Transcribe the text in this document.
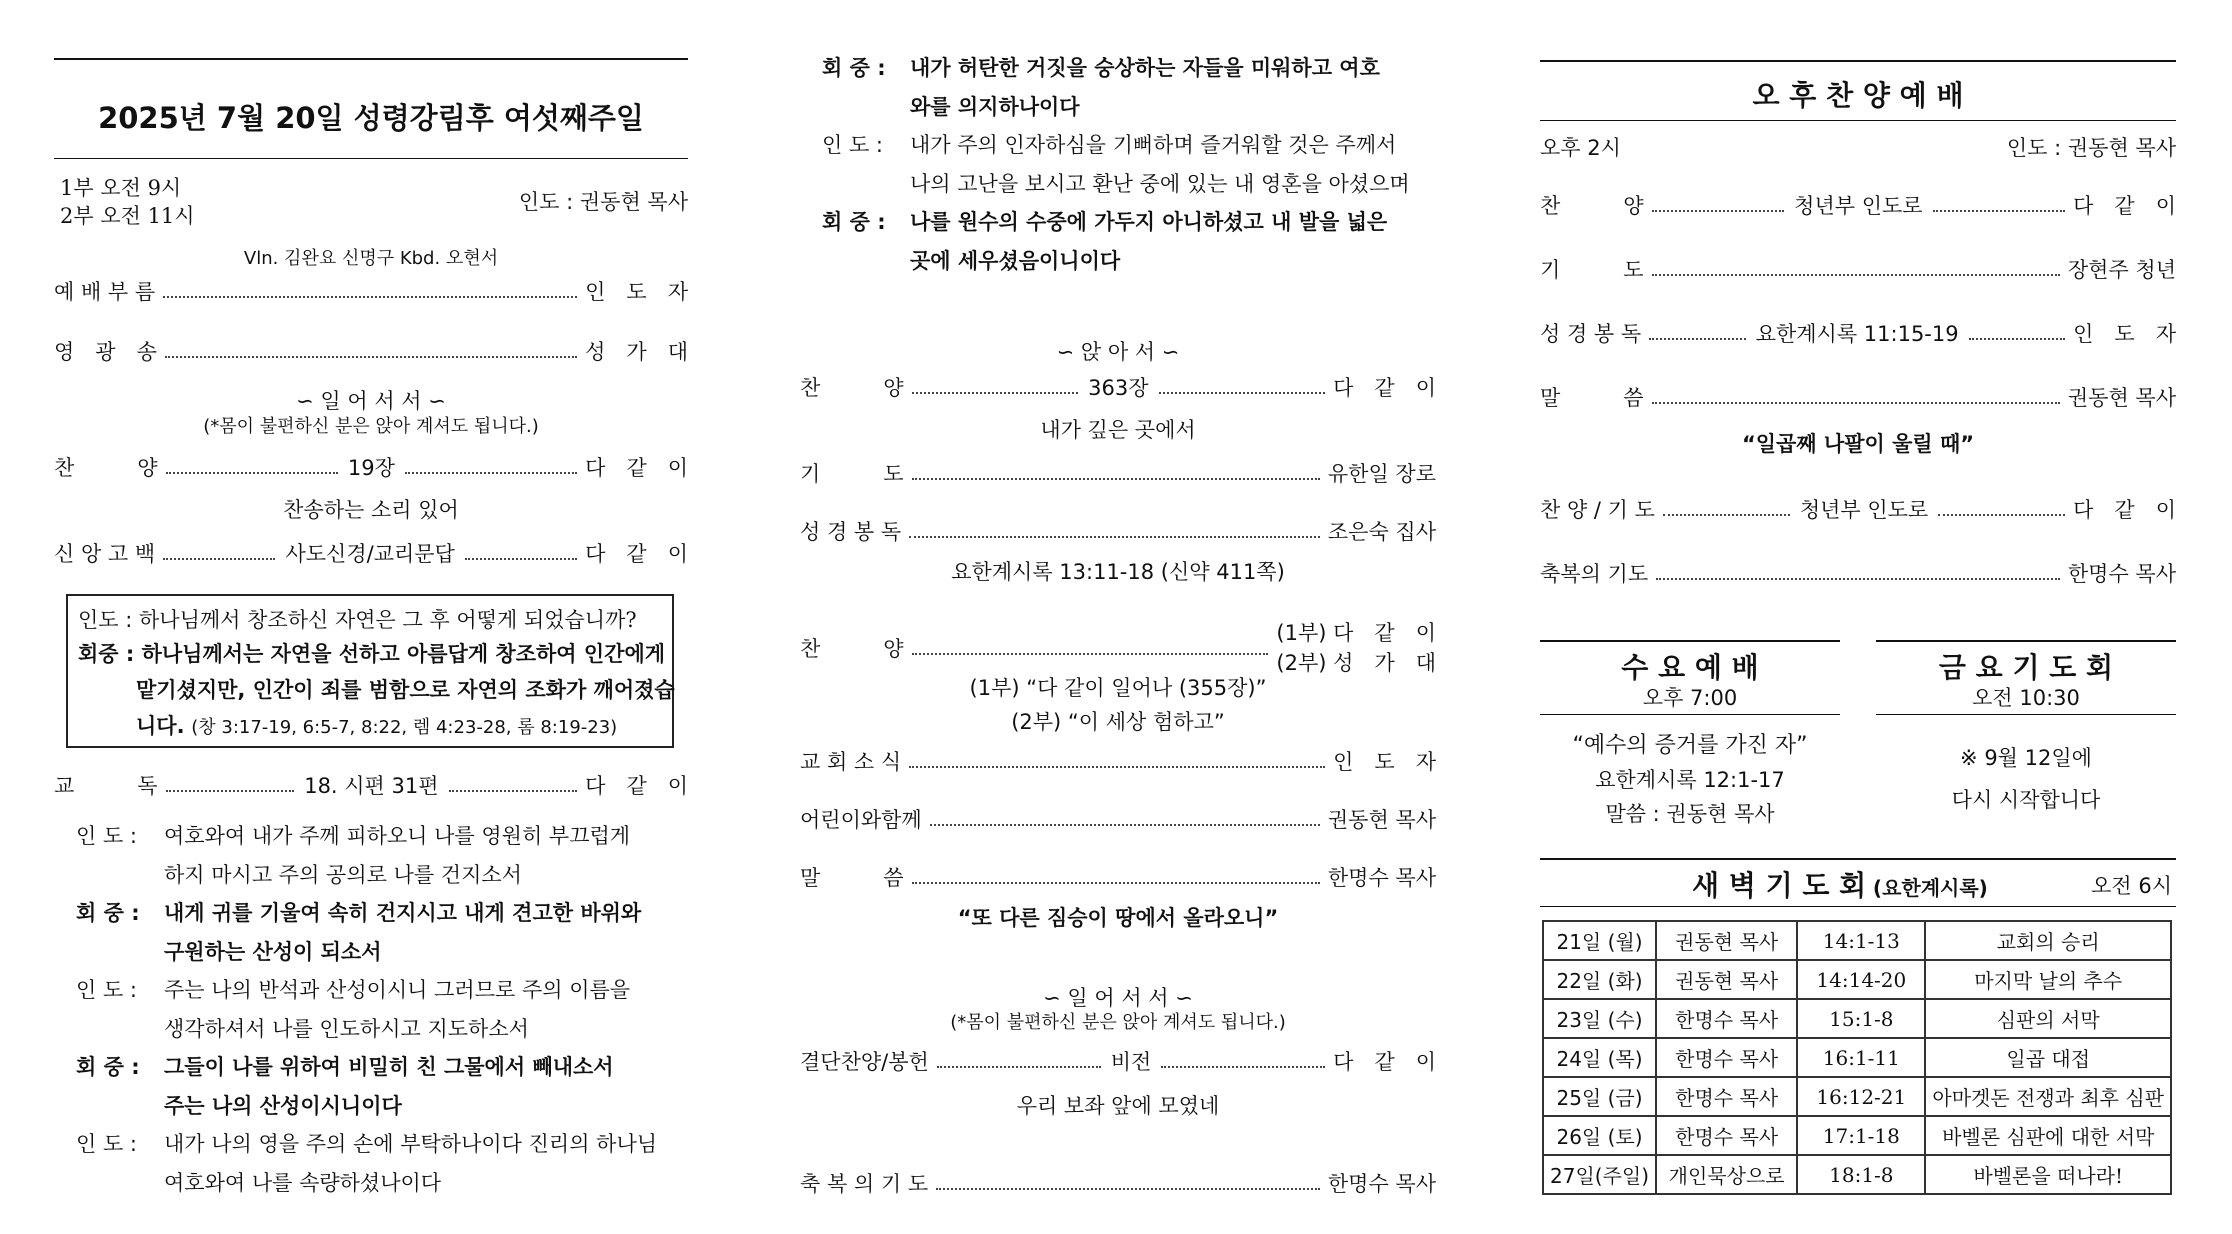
2025년 7월 20일 성령강림후 여섯째주일
1부 오전 9시
2부 오전 11시
인도 : 권동현 목사
Vln. 김완요 신명구 Kbd. 오현서
예 배 부 름	인　도　자
영　광　송	성　가　대
∽ 일 어 서 서 ∽
(*몸이 불편하신 분은 앉아 계셔도 됩니다.)
찬　　　양	19장	다　같　이
찬송하는 소리 있어
신 앙 고 백	사도신경/교리문답	다　같　이
인도 : 하나님께서 창조하신 자연은 그 후 어떻게 되었습니까?
회중 : 하나님께서는 자연을 선하고 아름답게 창조하여 인간에게
맡기셨지만, 인간이 죄를 범함으로 자연의 조화가 깨어졌습
니다. (창 3:17-19, 6:5-7, 8:22, 렘 4:23-28, 롬 8:19-23)
교　　　독	18. 시편 31편	다　같　이
인 도 : 여호와여 내가 주께 피하오니 나를 영원히 부끄럽게
하지 마시고 주의 공의로 나를 건지소서
회 중 : 내게 귀를 기울여 속히 건지시고 내게 견고한 바위와
구원하는 산성이 되소서
인 도 : 주는 나의 반석과 산성이시니 그러므로 주의 이름을
생각하셔서 나를 인도하시고 지도하소서
회 중 : 그들이 나를 위하여 비밀히 친 그물에서 빼내소서
주는 나의 산성이시니이다
인 도 : 내가 나의 영을 주의 손에 부탁하나이다 진리의 하나님
여호와여 나를 속량하셨나이다
회 중 : 내가 허탄한 거짓을 숭상하는 자들을 미워하고 여호
와를 의지하나이다
인 도 : 내가 주의 인자하심을 기뻐하며 즐거워할 것은 주께서
나의 고난을 보시고 환난 중에 있는 내 영혼을 아셨으며
회 중 : 나를 원수의 수중에 가두지 아니하셨고 내 발을 넓은
곳에 세우셨음이니이다
∽ 앉 아 서 ∽
찬　　　양	363장	다　같　이
내가 깊은 곳에서
기　　　도	유한일 장로
성 경 봉 독	조은숙 집사
요한계시록 13:11-18 (신약 411쪽)
찬　　　양
(1부) 다　같　이
(2부) 성　가　대
(1부) “다 같이 일어나 (355장)”
(2부) “이 세상 험하고”
교 회 소 식	인　도　자
어린이와함께	권동현 목사
말　　　씀	한명수 목사
“또 다른 짐승이 땅에서 올라오니”
∽ 일 어 서 서 ∽
(*몸이 불편하신 분은 앉아 계셔도 됩니다.)
결단찬양/봉헌	비전	다　같　이
우리 보좌 앞에 모였네
축 복 의 기 도	한명수 목사
오 후 찬 양 예 배
오후 2시	인도 : 권동현 목사
찬　　　양	청년부 인도로	다　같　이
기　　　도	장현주 청년
성 경 봉 독	요한계시록 11:15-19	인　도　자
말　　　씀	권동현 목사
“일곱째 나팔이 울릴 때”
찬 양 / 기 도	청년부 인도로	다　같　이
축복의 기도	한명수 목사
수 요 예 배
오후 7:00
“예수의 증거를 가진 자”
요한계시록 12:1-17
말씀 : 권동현 목사
금 요 기 도 회
오전 10:30
※ 9월 12일에
다시 시작합니다
새 벽 기 도 회 (요한계시록)	오전 6시
21일 (월)	권동현 목사	14:1-13	교회의 승리
22일 (화)	권동현 목사	14:14-20	마지막 날의 추수
23일 (수)	한명수 목사	15:1-8	심판의 서막
24일 (목)	한명수 목사	16:1-11	일곱 대접
25일 (금)	한명수 목사	16:12-21	아마겟돈 전쟁과 최후 심판
26일 (토)	한명수 목사	17:1-18	바벨론 심판에 대한 서막
27일(주일)	개인묵상으로	18:1-8	바벨론을 떠나라!
